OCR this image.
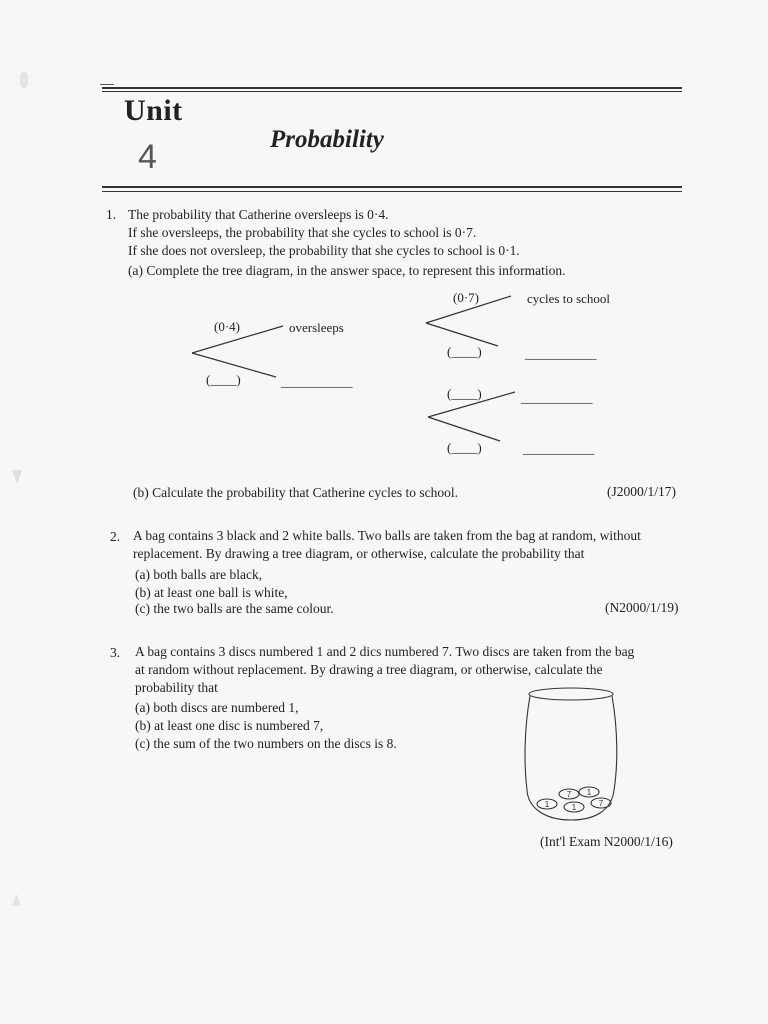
Unit
4	Probability
1. The probability that Catherine oversleeps is 0·4.
If she oversleeps, the probability that she cycles to school is 0·7.
If she does not oversleep, the probability that she cycles to school is 0·1.
(a) Complete the tree diagram, in the answer space, to represent this information.
(0·4)	oversleeps
(____)	___________
(0·7)	cycles to school
(____)	___________
(____)	___________
(____)	___________
(b) Calculate the probability that Catherine cycles to school.	(J2000/1/17)
2. A bag contains 3 black and 2 white balls. Two balls are taken from the bag at random, without
replacement. By drawing a tree diagram, or otherwise, calculate the probability that
(a) both balls are black,
(b) at least one ball is white,
(c) the two balls are the same colour.	(N2000/1/19)
3. A bag contains 3 discs numbered 1 and 2 dics numbered 7. Two discs are taken from the bag
at random without replacement. By drawing a tree diagram, or otherwise, calculate the
probability that
(a) both discs are numbered 1,
(b) at least one disc is numbered 7,
(c) the sum of the two numbers on the discs is 8.
7 1
1	1	7
(Int'l Exam N2000/1/16)
